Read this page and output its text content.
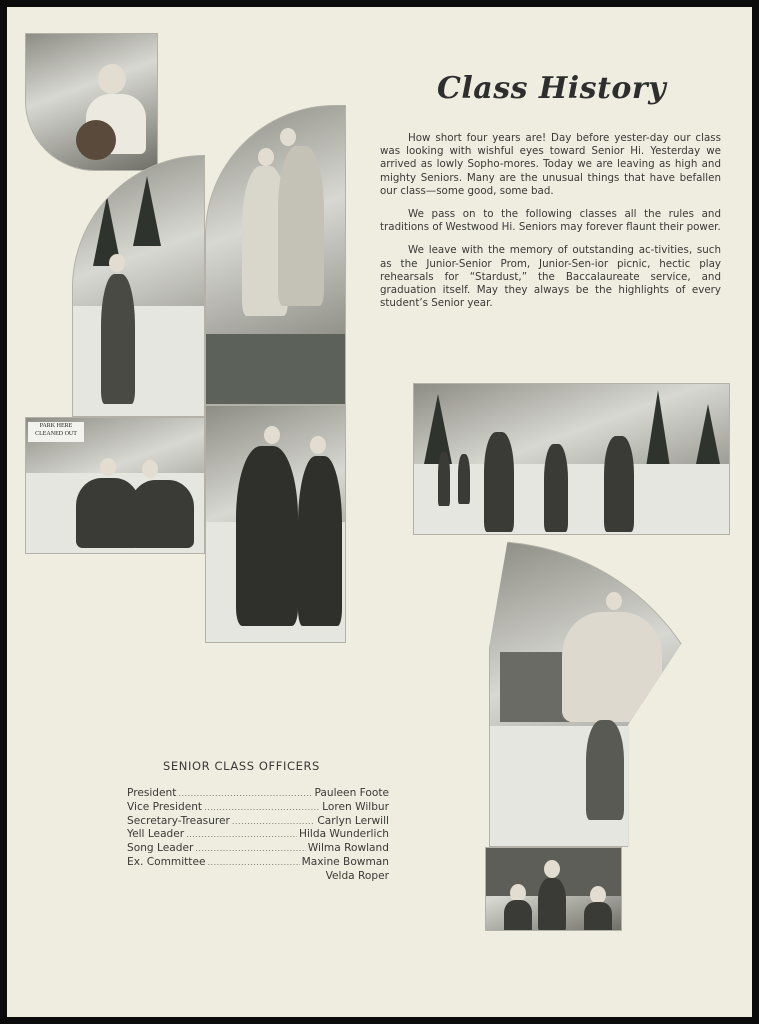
PARK HERE
CLEANED OUT
Class History

How short four years are! Day before yester-day our class was looking with wishful eyes toward Senior Hi. Yesterday we arrived as lowly Sopho-mores. Today we are leaving as high and mighty Seniors. Many are the unusual things that have befallen our class—some good, some bad.

We pass on to the following classes all the rules and traditions of Westwood Hi. Seniors may forever flaunt their power.

We leave with the memory of outstanding ac-tivities, such as the Junior-Senior Prom, Junior-Sen-ior picnic, hectic play rehearsals for “Stardust,” the Baccalaureate service, and graduation itself. May they always be the highlights of every student’s Senior year.

SENIOR CLASS OFFICERS
President .....	Pauleen Foote
Vice President .....	Loren Wilbur
Secretary-Treasurer .....	Carlyn Lerwill
Yell Leader .....	Hilda Wunderlich
Song Leader .....	Wilma Rowland
Ex. Committee .....	Maxine Bowman
Velda Roper
